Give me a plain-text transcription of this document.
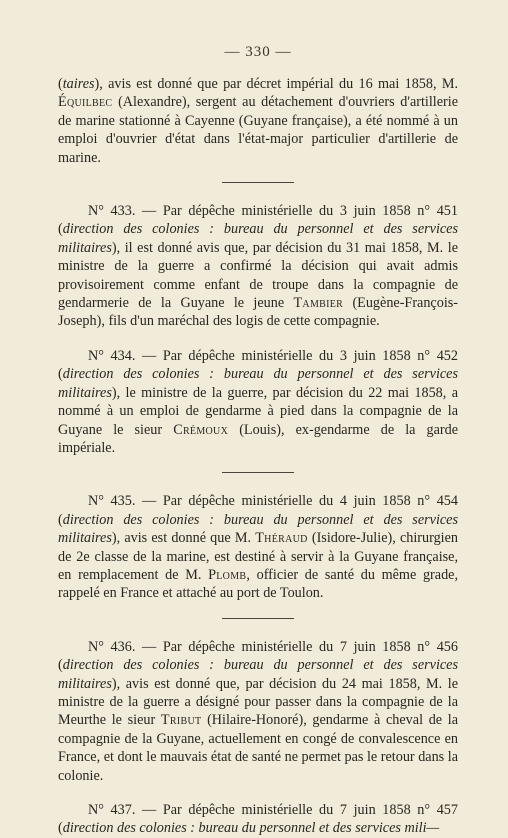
— 330 —

(taires), avis est donné que par décret impérial du 16 mai 1858, M. Équilbec (Alexandre), sergent au détachement d'ouvriers d'artillerie de marine stationné à Cayenne (Guyane française), a été nommé à un emploi d'ouvrier d'état dans l'état-major particulier d'artillerie de marine.

N° 433. — Par dépêche ministérielle du 3 juin 1858 n° 451 (direction des colonies : bureau du personnel et des services militaires), il est donné avis que, par décision du 31 mai 1858, M. le ministre de la guerre a confirmé la décision qui avait admis provisoirement comme enfant de troupe dans la compagnie de gendarmerie de la Guyane le jeune Tambier (Eugène-François-Joseph), fils d'un maréchal des logis de cette compagnie.

N° 434. — Par dépêche ministérielle du 3 juin 1858 n° 452 (direction des colonies : bureau du personnel et des services militaires), le ministre de la guerre, par décision du 22 mai 1858, a nommé à un emploi de gendarme à pied dans la compagnie de la Guyane le sieur Crémoux (Louis), ex-gendarme de la garde impériale.

N° 435. — Par dépêche ministérielle du 4 juin 1858 n° 454 (direction des colonies : bureau du personnel et des services militaires), avis est donné que M. Théraud (Isidore-Julie), chirurgien de 2e classe de la marine, est destiné à servir à la Guyane française, en remplacement de M. Plomb, officier de santé du même grade, rappelé en France et attaché au port de Toulon.

N° 436. — Par dépêche ministérielle du 7 juin 1858 n° 456 (direction des colonies : bureau du personnel et des services militaires), avis est donné que, par décision du 24 mai 1858, M. le ministre de la guerre a désigné pour passer dans la compagnie de la Meurthe le sieur Tribut (Hilaire-Honoré), gendarme à cheval de la compagnie de la Guyane, actuellement en congé de convalescence en France, et dont le mauvais état de santé ne permet pas le retour dans la colonie.

N° 437. — Par dépêche ministérielle du 7 juin 1858 n° 457 (direction des colonies : bureau du personnel et des services mili—
